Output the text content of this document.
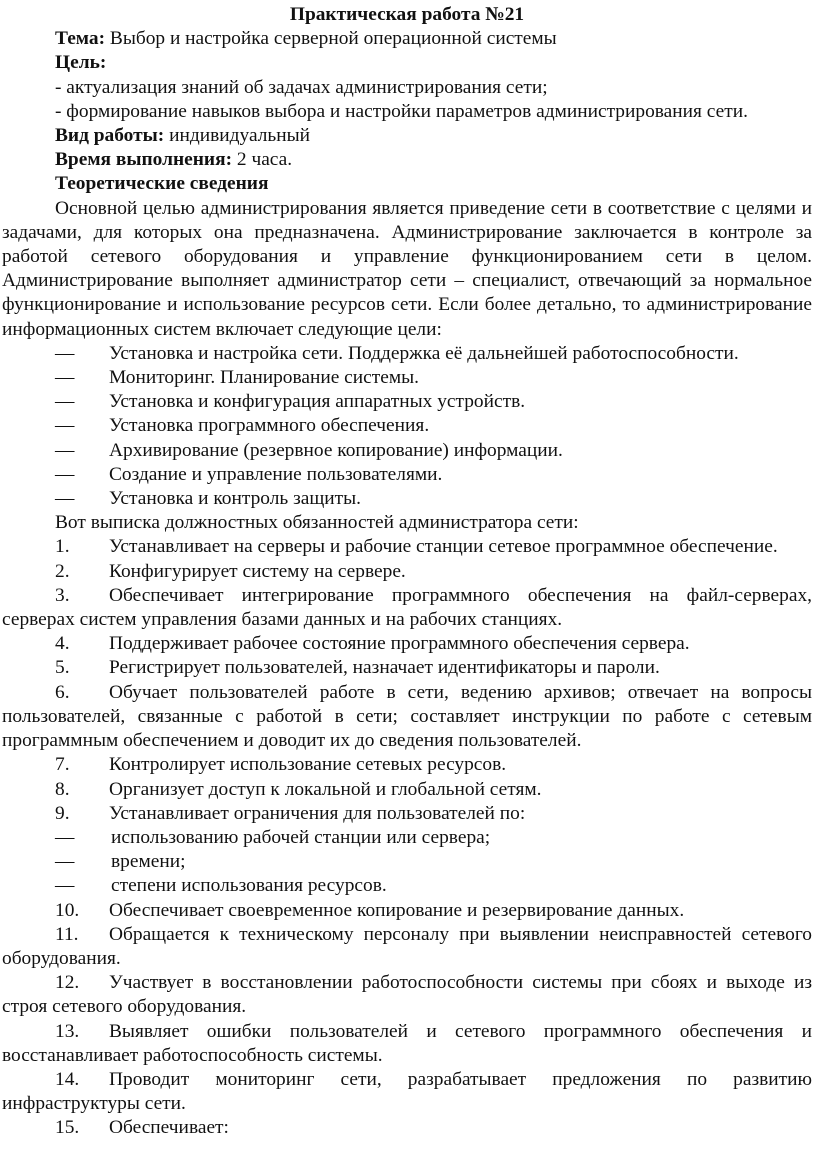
Практическая работа №21

Тема: Выбор и настройка серверной операционной системы

Цель:

- актуализация знаний об задачах администрирования сети;

- формирование навыков выбора и настройки параметров администрирования сети.

Вид работы: индивидуальный

Время выполнения: 2 часа.

Теоретические сведения

Основной целью администрирования является приведение сети в соответствие с целями и задачами, для которых она предназначена. Администрирование заключается в контроле за работой сетевого оборудования и управление функционированием сети в целом. Администрирование выполняет администратор сети – специалист, отвечающий за нормальное функционирование и использование ресурсов сети. Если более детально, то администрирование информационных систем включает следующие цели:

—	Установка и настройка сети. Поддержка её дальнейшей работоспособности.

—	Мониторинг. Планирование системы.

—	Установка и конфигурация аппаратных устройств.

—	Установка программного обеспечения.

—	Архивирование (резервное копирование) информации.

—	Создание и управление пользователями.

—	Установка и контроль защиты.

Вот выписка должностных обязанностей администратора сети:

1. Устанавливает на серверы и рабочие станции сетевое программное обеспечение.

2. Конфигурирует систему на сервере.

3. Обеспечивает интегрирование программного обеспечения на файл-серверах, серверах систем управления базами данных и на рабочих станциях.

4. Поддерживает рабочее состояние программного обеспечения сервера.

5. Регистрирует пользователей, назначает идентификаторы и пароли.

6. Обучает пользователей работе в сети, ведению архивов; отвечает на вопросы пользователей, связанные с работой в сети; составляет инструкции по работе с сетевым программным обеспечением и доводит их до сведения пользователей.

7. Контролирует использование сетевых ресурсов.

8. Организует доступ к локальной и глобальной сетям.

9. Устанавливает ограничения для пользователей по:

—	использованию рабочей станции или сервера;

—	времени;

—	степени использования ресурсов.

10. Обеспечивает своевременное копирование и резервирование данных.

11. Обращается к техническому персоналу при выявлении неисправностей сетевого оборудования.

12. Участвует в восстановлении работоспособности системы при сбоях и выходе из строя сетевого оборудования.

13. Выявляет ошибки пользователей и сетевого программного обеспечения и восстанавливает работоспособность системы.

14. Проводит мониторинг сети, разрабатывает предложения по развитию инфраструктуры сети.

15. Обеспечивает:
